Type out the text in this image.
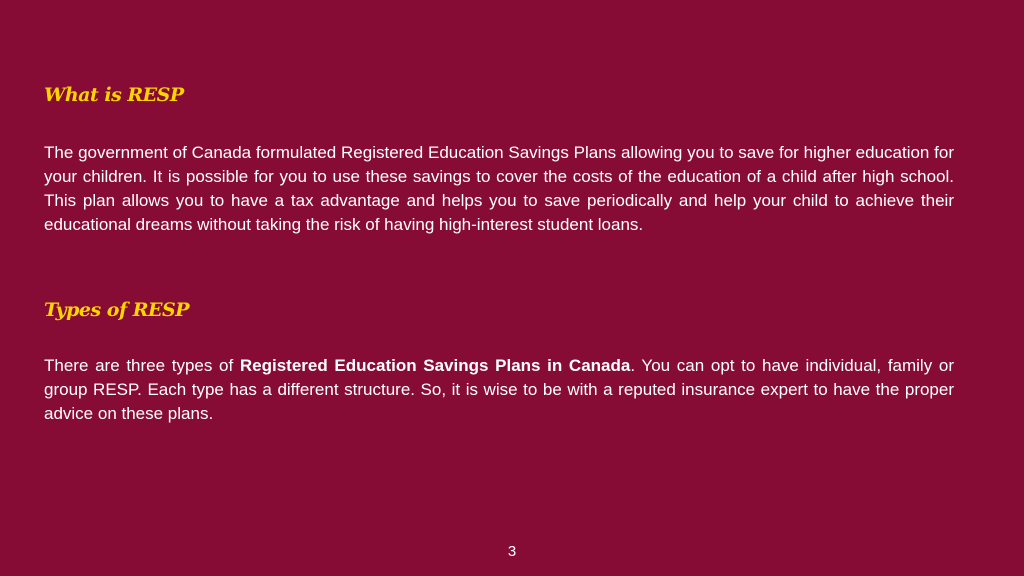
What is RESP

The government of Canada formulated Registered Education Savings Plans allowing you to save for higher education for your children. It is possible for you to use these savings to cover the costs of the education of a child after high school. This plan allows you to have a tax advantage and helps you to save periodically and help your child to achieve their educational dreams without taking the risk of having high-interest student loans.

Types of RESP

There are three types of Registered Education Savings Plans in Canada. You can opt to have individual, family or group RESP. Each type has a different structure. So, it is wise to be with a reputed insurance expert to have the proper advice on these plans.

3
